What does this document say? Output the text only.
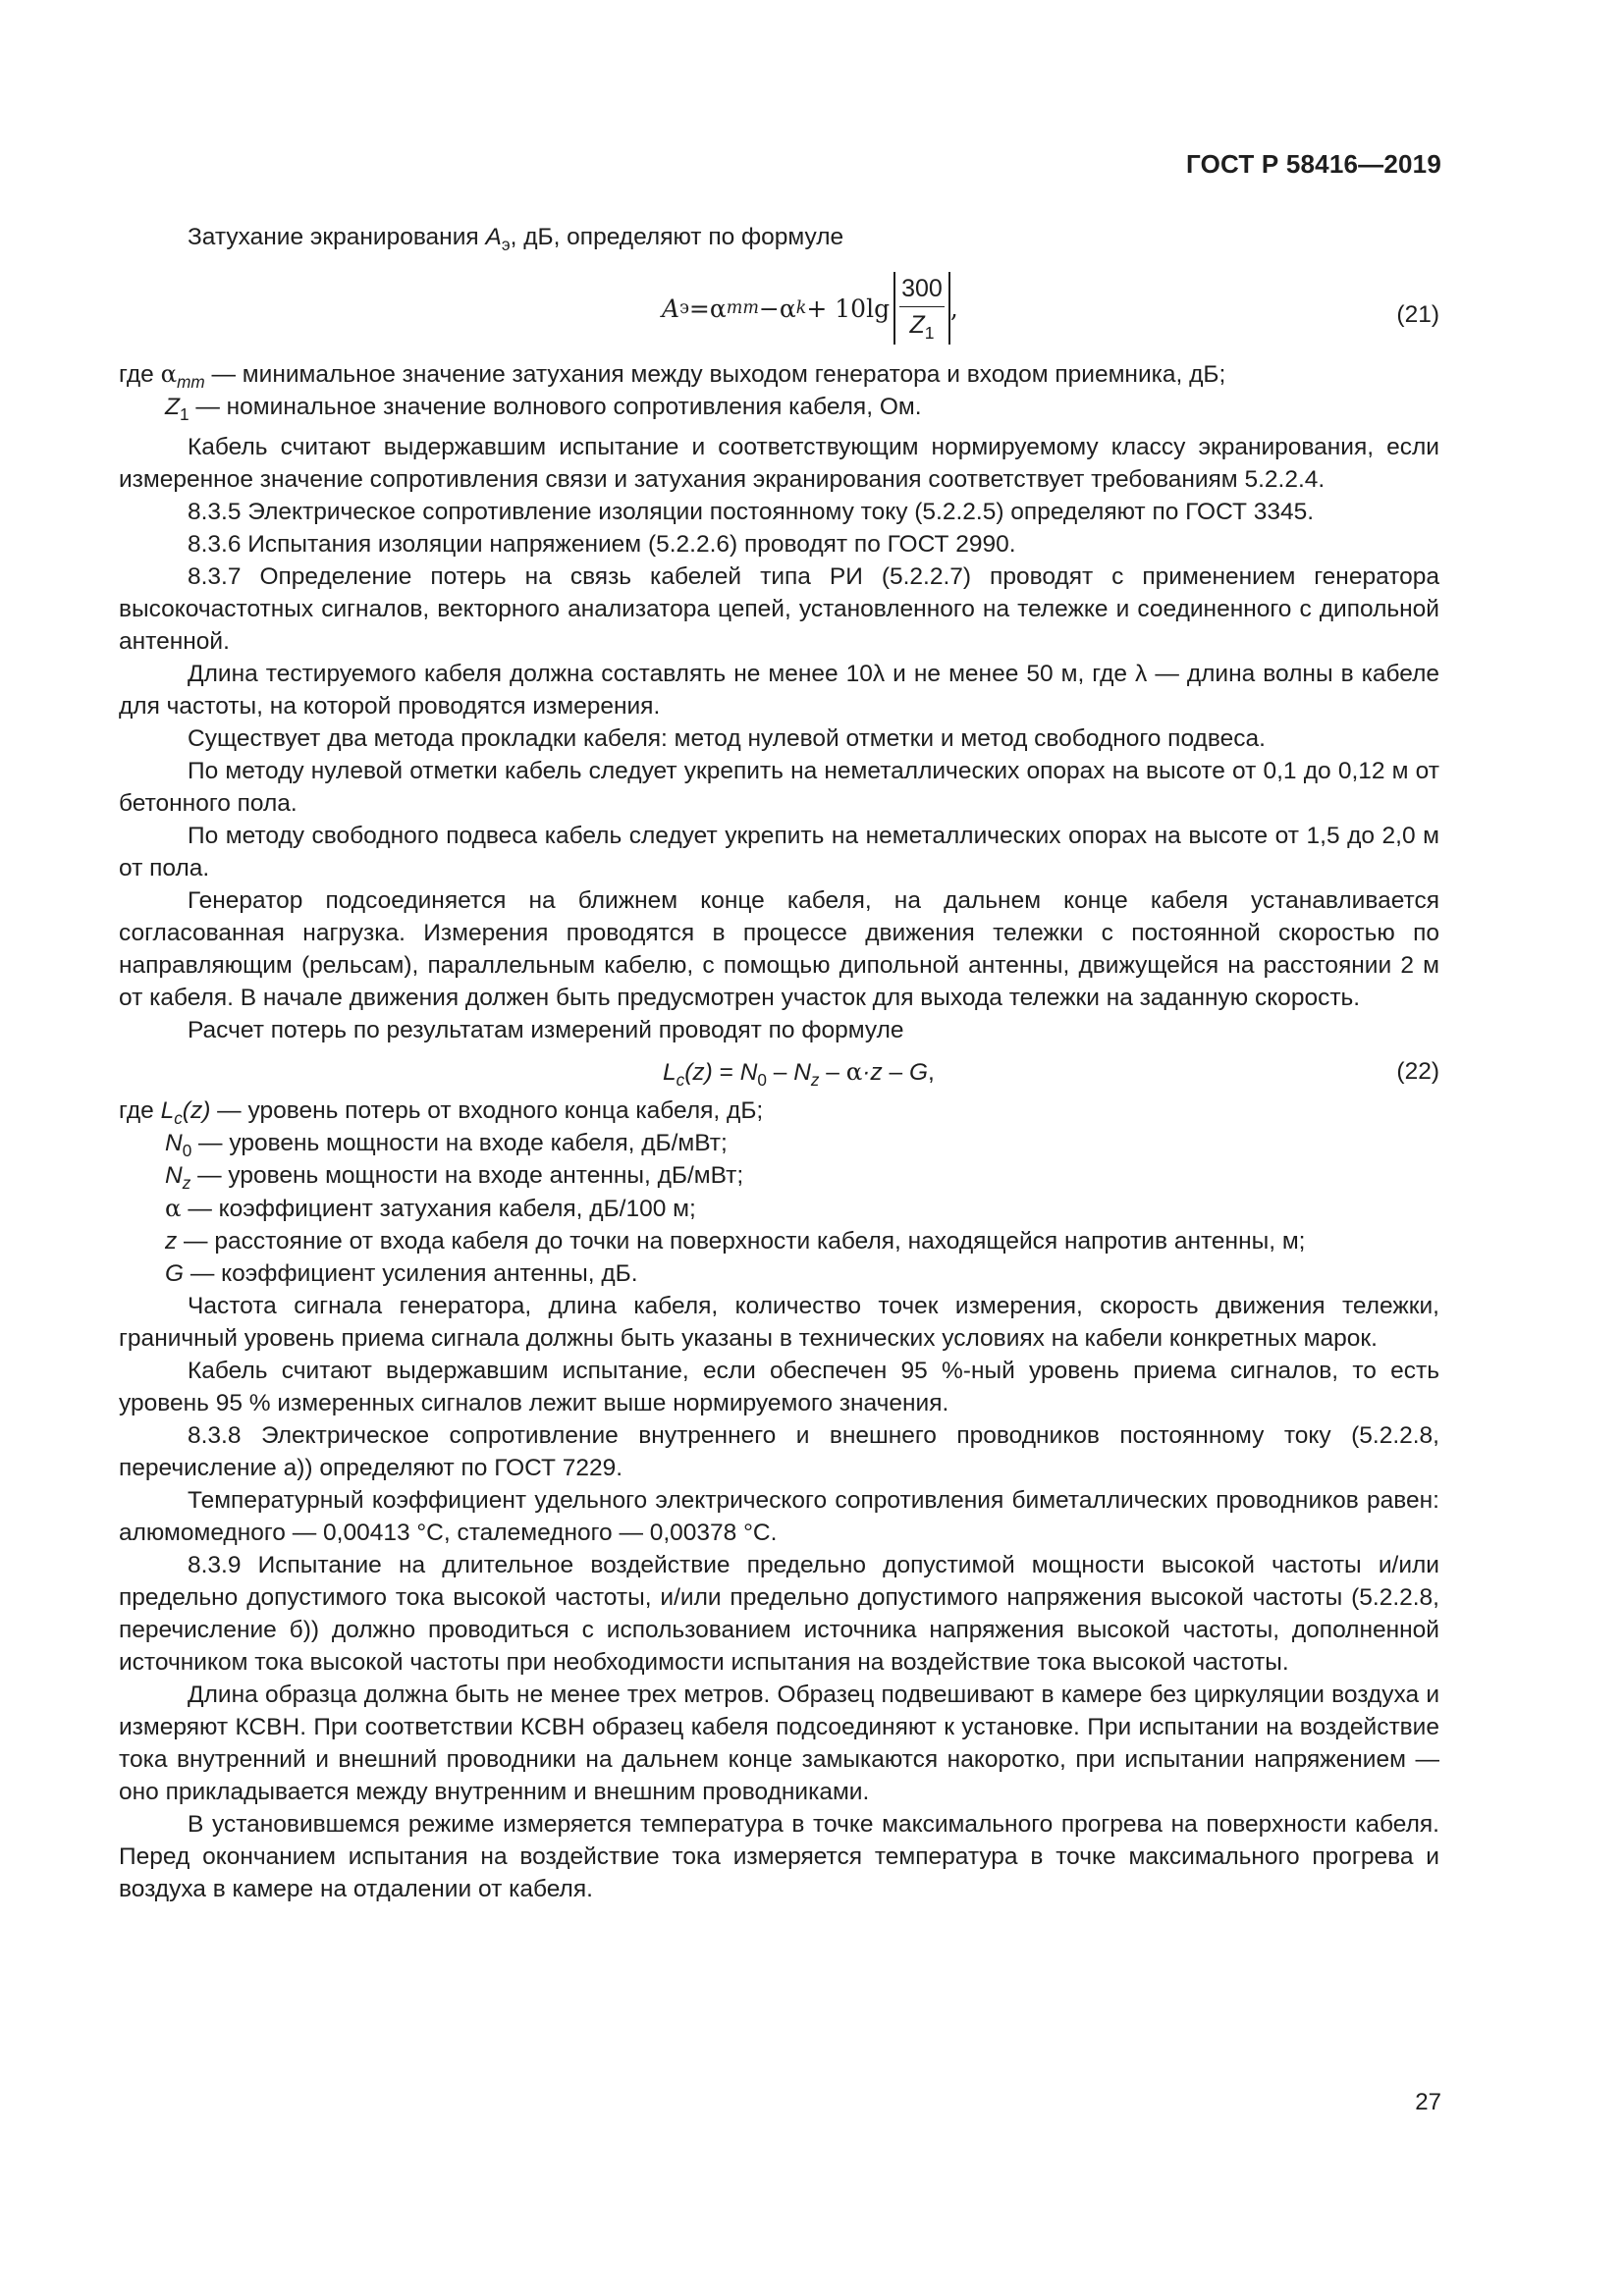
ГОСТ Р 58416—2019

Затухание экранирования $A_э$, дБ, определяют по формуле

A э = α mm − α $k + 10\lg \frac{300}{Z_1}$ ,	(21)

где $\alpha_{mm}$ — минимальное значение затухания между выходом генератора и входом приемника, дБ;

$Z_1$ — номинальное значение волнового сопротивления кабеля, Ом.

Кабель считают выдержавшим испытание и соответствующим нормируемому классу экранирования, если измеренное значение сопротивления связи и затухания экранирования соответствует требованиям 5.2.2.4.

8.3.5 Электрическое сопротивление изоляции постоянному току (5.2.2.5) определяют по ГОСТ 3345.

8.3.6 Испытания изоляции напряжением (5.2.2.6) проводят по ГОСТ 2990.

8.3.7 Определение потерь на связь кабелей типа РИ (5.2.2.7) проводят с применением генератора высокочастотных сигналов, векторного анализатора цепей, установленного на тележке и соединенного с дипольной антенной.

Длина тестируемого кабеля должна составлять не менее 10λ и не менее 50 м, где λ — длина волны в кабеле для частоты, на которой проводятся измерения.

Существует два метода прокладки кабеля: метод нулевой отметки и метод свободного подвеса.

По методу нулевой отметки кабель следует укрепить на неметаллических опорах на высоте от 0,1 до 0,12 м от бетонного пола.

По методу свободного подвеса кабель следует укрепить на неметаллических опорах на высоте от 1,5 до 2,0 м от пола.

Генератор подсоединяется на ближнем конце кабеля, на дальнем конце кабеля устанавливается согласованная нагрузка. Измерения проводятся в процессе движения тележки с постоянной скоростью по направляющим (рельсам), параллельным кабелю, с помощью дипольной антенны, движущейся на расстоянии 2 м от кабеля. В начале движения должен быть предусмотрен участок для выхода тележки на заданную скорость.

Расчет потерь по результатам измерений проводят по формуле

$L_c(z) = N_0 - N_z - \alpha\cdot z - G$,	(22)

где $L_c(z)$ — уровень потерь от входного конца кабеля, дБ;

$N_0$ — уровень мощности на входе кабеля, дБ/мВт;

$N_z$ — уровень мощности на входе антенны, дБ/мВт;

α — коэффициент затухания кабеля, дБ/100 м;

z — расстояние от входа кабеля до точки на поверхности кабеля, находящейся напротив антенны, м;

G — коэффициент усиления антенны, дБ.

Частота сигнала генератора, длина кабеля, количество точек измерения, скорость движения тележки, граничный уровень приема сигнала должны быть указаны в технических условиях на кабели конкретных марок.

Кабель считают выдержавшим испытание, если обеспечен 95 %-ный уровень приема сигналов, то есть уровень 95 % измеренных сигналов лежит выше нормируемого значения.

8.3.8 Электрическое сопротивление внутреннего и внешнего проводников постоянному току (5.2.2.8, перечисление а)) определяют по ГОСТ 7229.

Температурный коэффициент удельного электрического сопротивления биметаллических проводников равен: алюмомедного — 0,00413 °С, сталемедного — 0,00378 °С.

8.3.9 Испытание на длительное воздействие предельно допустимой мощности высокой частоты и/или предельно допустимого тока высокой частоты, и/или предельно допустимого напряжения высокой частоты (5.2.2.8, перечисление б)) должно проводиться с использованием источника напряжения высокой частоты, дополненной источником тока высокой частоты при необходимости испытания на воздействие тока высокой частоты.

Длина образца должна быть не менее трех метров. Образец подвешивают в камере без циркуляции воздуха и измеряют КСВН. При соответствии КСВН образец кабеля подсоединяют к установке. При испытании на воздействие тока внутренний и внешний проводники на дальнем конце замыкаются накоротко, при испытании напряжением — оно прикладывается между внутренним и внешним проводниками.

В установившемся режиме измеряется температура в точке максимального прогрева на поверхности кабеля. Перед окончанием испытания на воздействие тока измеряется температура в точке максимального прогрева и воздуха в камере на отдалении от кабеля.

27
